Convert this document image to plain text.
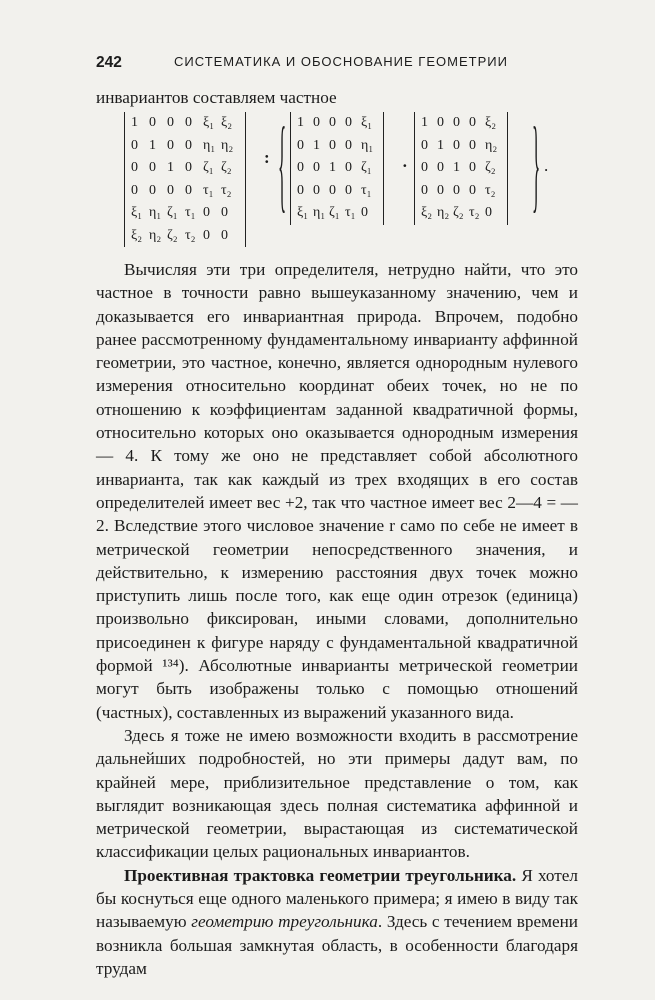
242	СИСТЕМАТИКА И ОБОСНОВАНИЕ ГЕОМЕТРИИ
инвариантов составляем частное
1	0	0	0	ξ₁	ξ₂
0	1	0	0	η₁	η₂
0	0	1	0	ζ₁	ζ₂
0	0	0	0	τ₁	τ₂
ξ₁	η₁	ζ₁	τ₁	0	0
ξ₂	η₂	ζ₂	τ₂	0	0
: { 1	0	0	0	ξ₁
0	1	0	0	η₁
0	0	1	0	ζ₁
0	0	0	0	τ₁
ξ₁	η₁	ζ₁	τ₁	0
·
1	0	0	0	ξ₂
0	1	0	0	η₂
0	0	1	0	ζ₂
0	0	0	0	τ₂
ξ₂	η₂	ζ₂	τ₂	0 } .

Вычисляя эти три определителя, нетрудно найти, что это частное в точности равно вышеуказанному значению, чем и доказывается его инвариантная природа. Впрочем, подобно ранее рассмотренному фундаментальному инварианту аффинной геометрии, это частное, конечно, является однородным нулевого измерения относительно координат обеих точек, но не по отношению к коэффициентам заданной квадратичной формы, относительно которых оно оказывается однородным измерения — 4. К тому же оно не представляет собой абсолютного инварианта, так как каждый из трех входящих в его состав определителей имеет вес +2, так что частное имеет вес 2—4 = —2. Вследствие этого числовое значение r само по себе не имеет в метрической геометрии непосредственного значения, и действительно, к измерению расстояния двух точек можно приступить лишь после того, как еще один отрезок (единица) произвольно фиксирован, иными словами, дополнительно присоединен к фигуре наряду с фундаментальной квадратичной формой ¹³⁴). Абсолютные инварианты метрической геометрии могут быть изображены только с помощью отношений (частных), составленных из выражений указанного вида.

Здесь я тоже не имею возможности входить в рассмотрение дальнейших подробностей, но эти примеры дадут вам, по крайней мере, приблизительное представление о том, как выглядит возникающая здесь полная систематика аффинной и метрической геометрии, вырастающая из систематической классификации целых рациональных инвариантов.

Проективная трактовка геометрии треугольника. Я хотел бы коснуться еще одного маленького примера; я имею в виду так называемую геометрию треугольника. Здесь с течением времени возникла большая замкнутая область, в особенности благодаря трудам
